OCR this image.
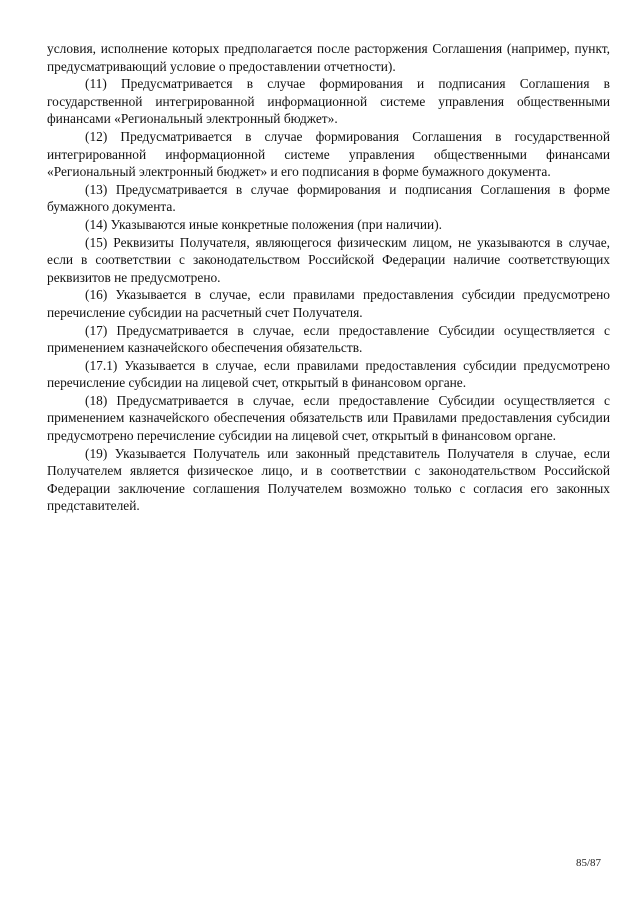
условия, исполнение которых предполагается после расторжения Соглашения (например, пункт, предусматривающий условие о предоставлении отчетности).

(11) Предусматривается в случае формирования и подписания Соглашения в государственной интегрированной информационной системе управления общественными финансами «Региональный электронный бюджет».

(12) Предусматривается в случае формирования Соглашения в государственной интегрированной информационной системе управления общественными финансами «Региональный электронный бюджет» и его подписания в форме бумажного документа.

(13) Предусматривается в случае формирования и подписания Соглашения в форме бумажного документа.

(14) Указываются иные конкретные положения (при наличии).

(15) Реквизиты Получателя, являющегося физическим лицом, не указываются в случае, если в соответствии с законодательством Российской Федерации наличие соответствующих реквизитов не предусмотрено.

(16) Указывается в случае, если правилами предоставления субсидии предусмотрено перечисление субсидии на расчетный счет Получателя.

(17) Предусматривается в случае, если предоставление Субсидии осуществляется с применением казначейского обеспечения обязательств.

(17.1) Указывается в случае, если правилами предоставления субсидии предусмотрено перечисление субсидии на лицевой счет, открытый в финансовом органе.

(18) Предусматривается в случае, если предоставление Субсидии осуществляется с применением казначейского обеспечения обязательств или Правилами предоставления субсидии предусмотрено перечисление субсидии на лицевой счет, открытый в финансовом органе.

(19) Указывается Получатель или законный представитель Получателя в случае, если Получателем является физическое лицо, и в соответствии с законодательством Российской Федерации заключение соглашения Получателем возможно только с согласия его законных представителей.

85/87
